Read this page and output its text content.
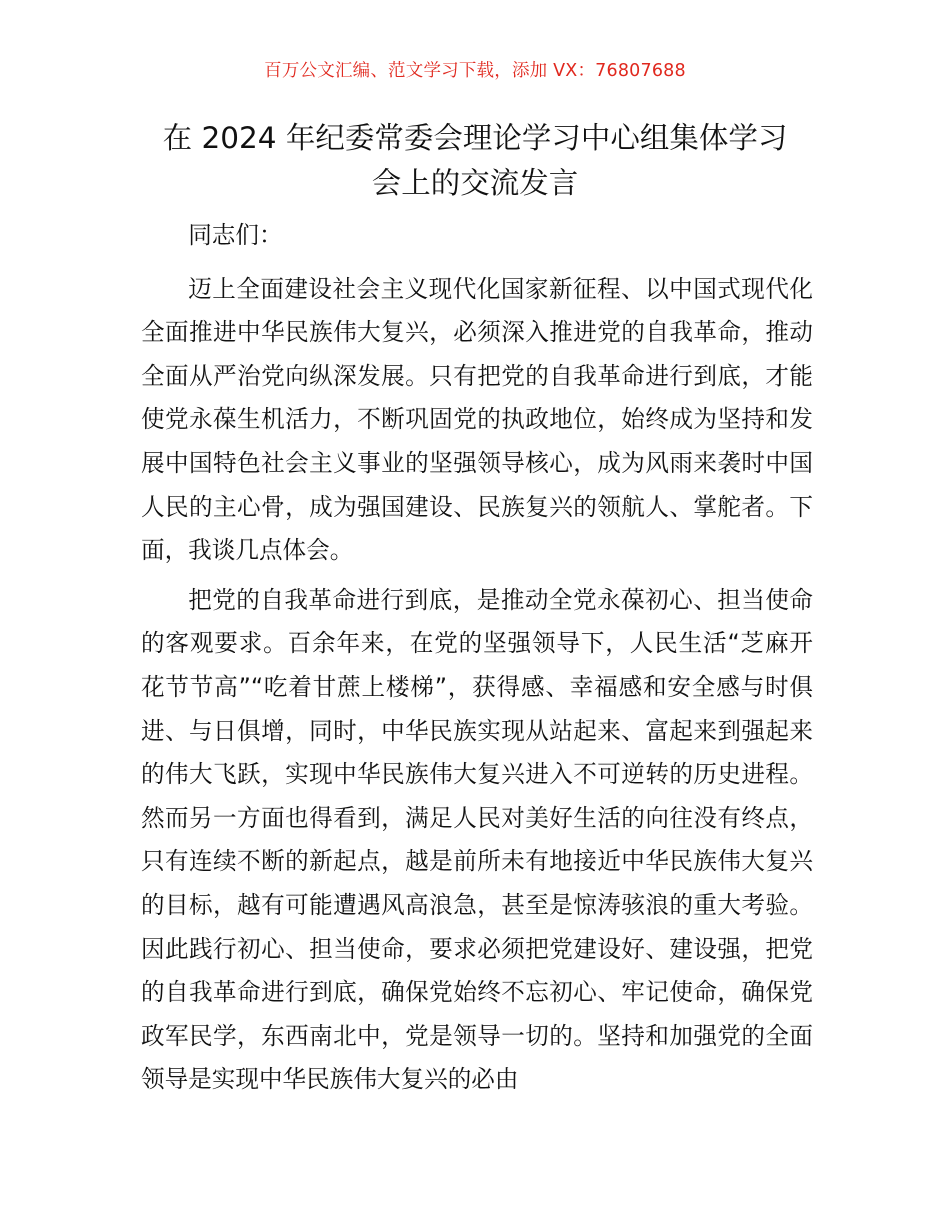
百万公文汇编、范文学习下载，添加 VX：76807688
在 2024 年纪委常委会理论学习中心组集体学习
会上的交流发言

同志们：

迈上全面建设社会主义现代化国家新征程、以中国式现代化全面推进中华民族伟大复兴，必须深入推进党的自我革命，推动全面从严治党向纵深发展。只有把党的自我革命进行到底，才能使党永葆生机活力，不断巩固党的执政地位，始终成为坚持和发展中国特色社会主义事业的坚强领导核心，成为风雨来袭时中国人民的主心骨，成为强国建设、民族复兴的领航人、掌舵者。下面，我谈几点体会。

把党的自我革命进行到底，是推动全党永葆初心、担当使命的客观要求。百余年来，在党的坚强领导下，人民生活“芝麻开花节节高”“吃着甘蔗上楼梯”，获得感、幸福感和安全感与时俱进、与日俱增，同时，中华民族实现从站起来、富起来到强起来的伟大飞跃，实现中华民族伟大复兴进入不可逆转的历史进程。然而另一方面也得看到，满足人民对美好生活的向往没有终点，只有连续不断的新起点，越是前所未有地接近中华民族伟大复兴的目标，越有可能遭遇风高浪急，甚至是惊涛骇浪的重大考验。因此践行初心、担当使命，要求必须把党建设好、建设强，把党的自我革命进行到底，确保党始终不忘初心、牢记使命，确保党政军民学，东西南北中，党是领导一切的。坚持和加强党的全面领导是实现中华民族伟大复兴的必由
